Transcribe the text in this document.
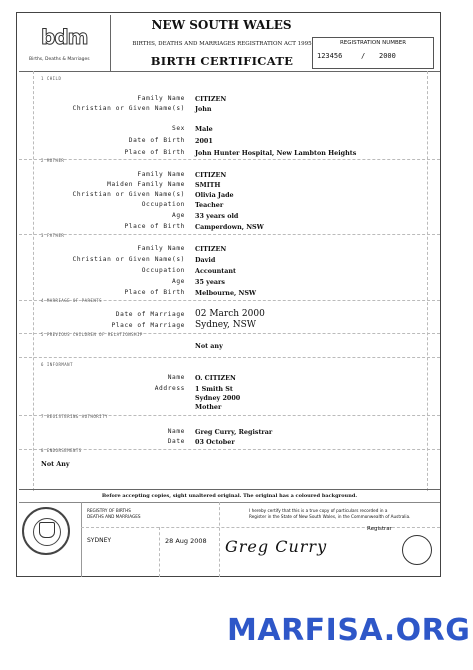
bdm
Births, Deaths & Marriages
NEW SOUTH WALES
BIRTHS, DEATHS AND MARRIAGES REGISTRATION ACT 1995
BIRTH CERTIFICATE
REGISTRATION NUMBER
123456	/ 2000
1 CHILD
Family Name CITIZEN
Christian or Given Name(s) John
Sex Male
Date of Birth 2001
Place of Birth John Hunter Hospital, New Lambton Heights
2 MOTHER
Family Name CITIZEN
Maiden Family Name SMITH
Christian or Given Name(s) Olivia Jade
Occupation Teacher
Age 33 years old
Place of Birth Camperdown, NSW
3 FATHER
Family Name CITIZEN
Christian or Given Name(s) David
Occupation Accountant
Age 35 years
Place of Birth Melbourne, NSW
4 MARRIAGE OF PARENTS
Date of Marriage 02 March 2000
Place of Marriage Sydney, NSW
5 PREVIOUS CHILDREN OF RELATIONSHIP
Not any
6 INFORMANT
Name O. CITIZEN
Address 1 Smith St
Sydney 2000
Mother
7 REGISTERING AUTHORITY
Name Greg Curry, Registrar
Date 03 October
8 ENDORSEMENTS
Not Any
Before accepting copies, sight unaltered original. The original has a coloured background.
REGISTRY OF BIRTHS
DEATHS AND MARRIAGES
I hereby certify that this is a true copy of particulars recorded in a
Register in the State of New South Wales, in the Commonwealth of Australia.
Registrar
SYDNEY	28 Aug 2008 Greg Curry
MARFISA.ORG
